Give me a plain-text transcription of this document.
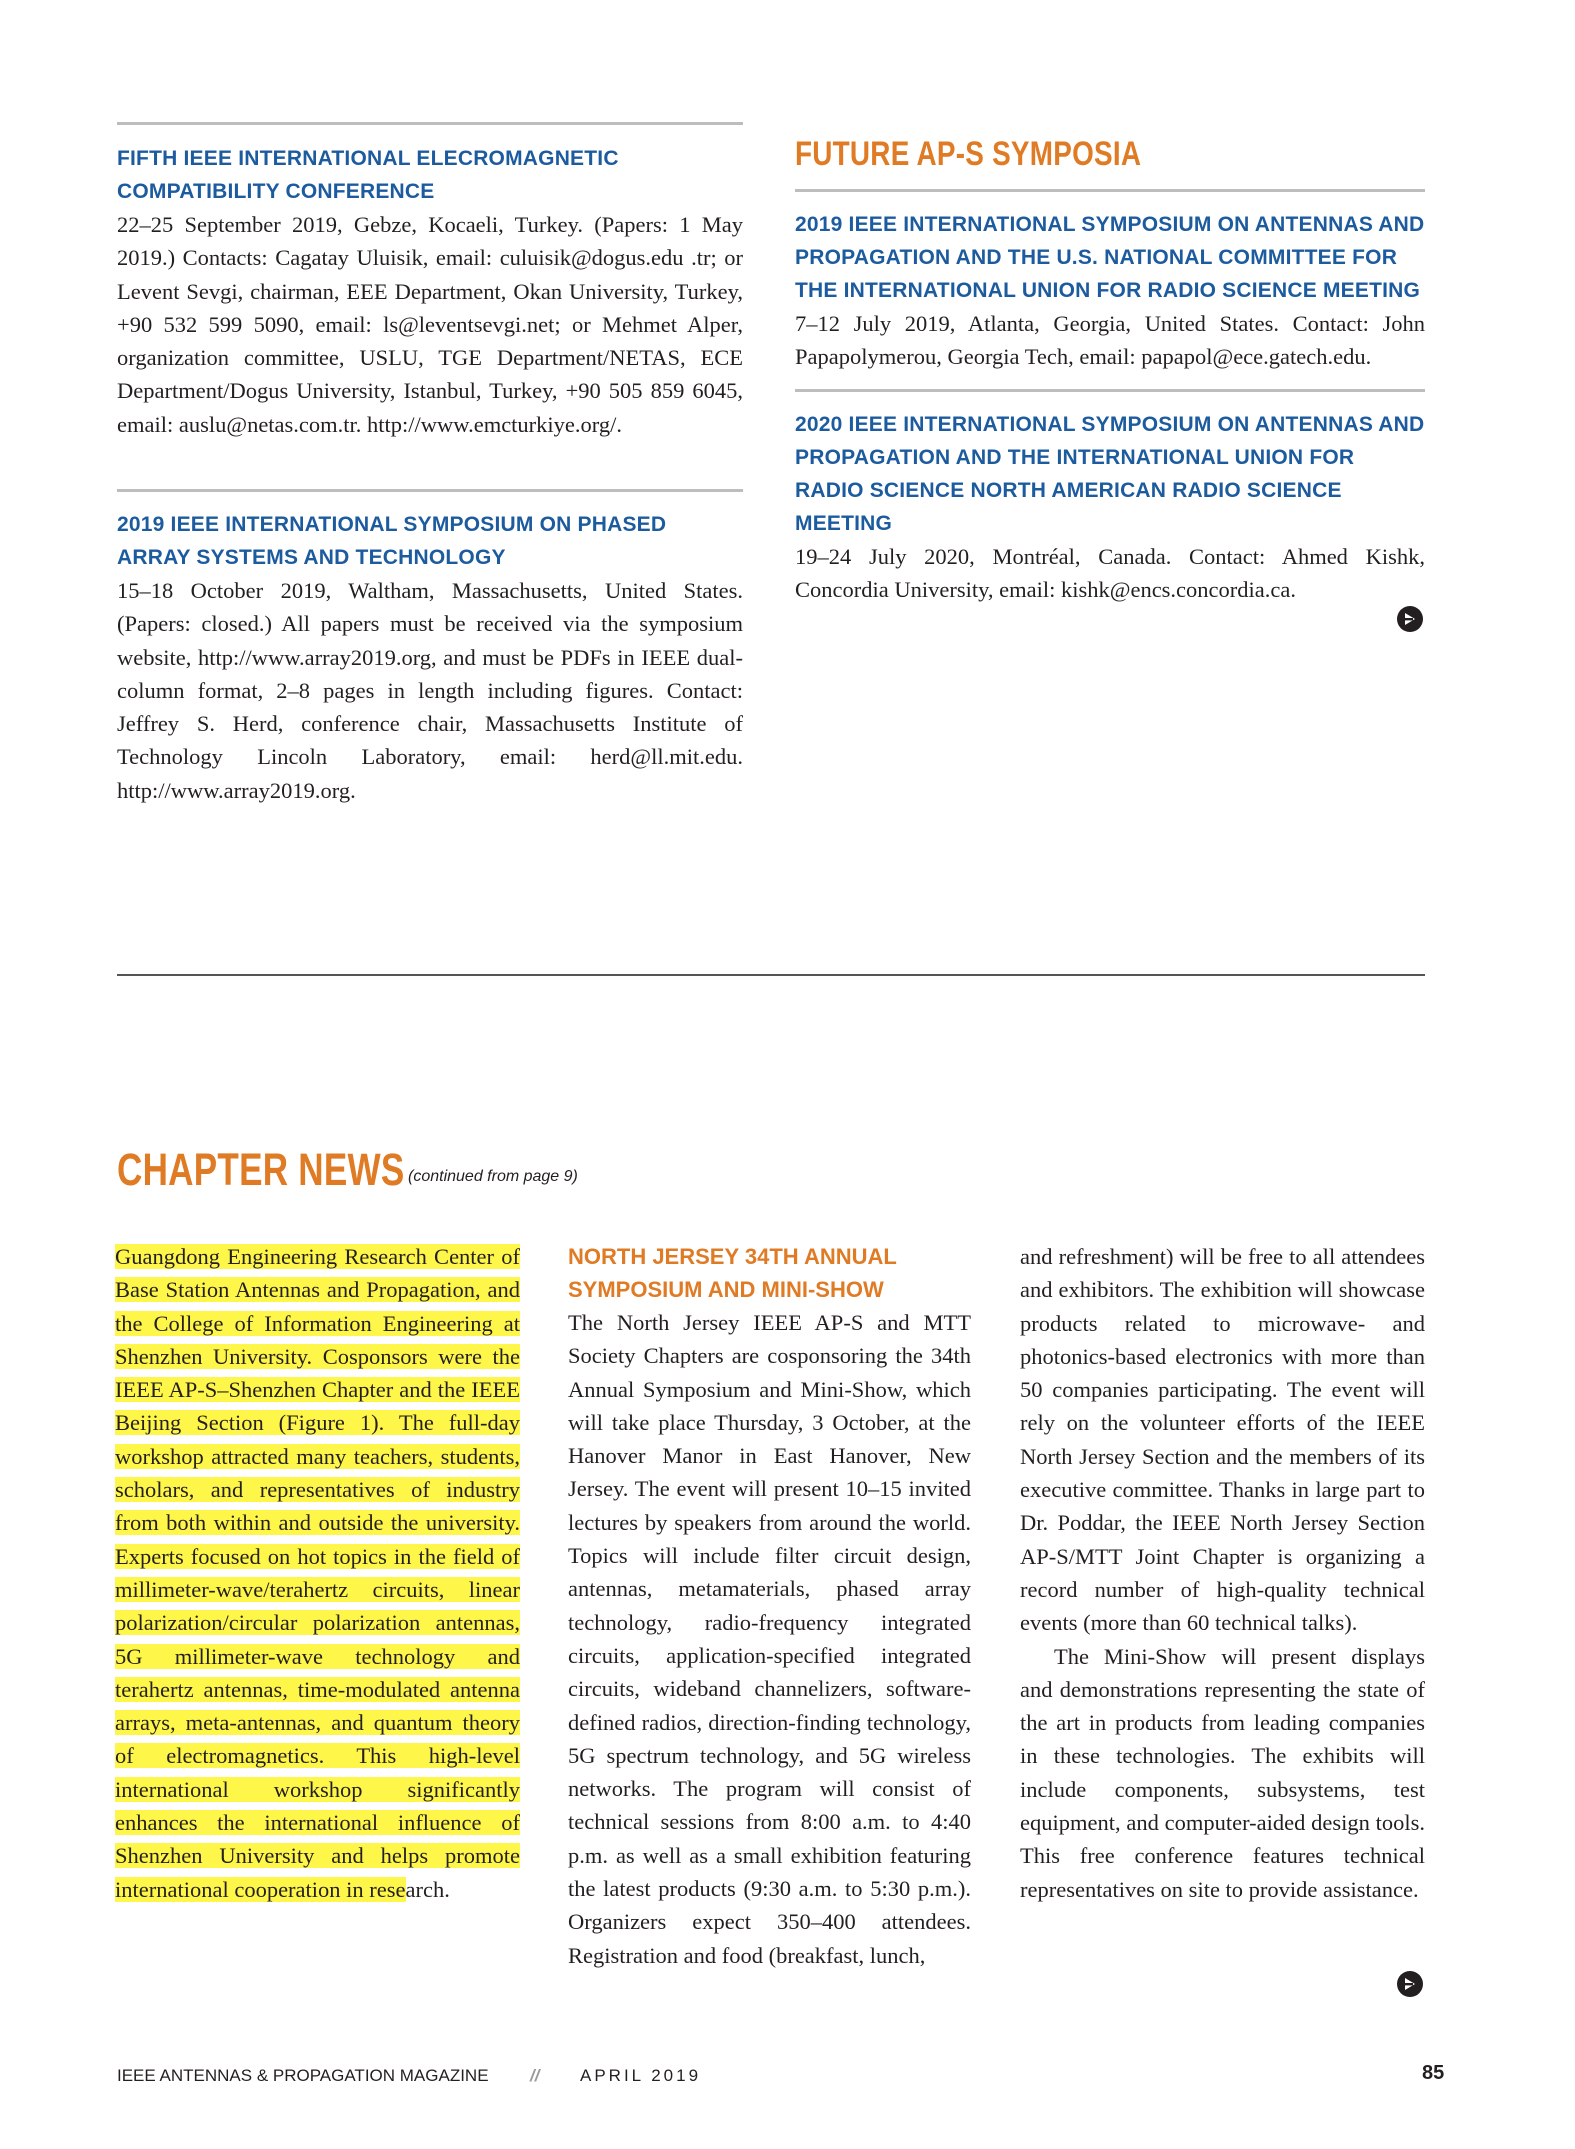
FIFTH IEEE INTERNATIONAL ELECROMAGNETIC COMPATIBILITY CONFERENCE

22–25 September 2019, Gebze, Kocaeli, Turkey. (Papers: 1 May 2019.) Contacts: Cagatay Uluisik, email: culuisik@dogus.edu .tr; or Levent Sevgi, chairman, EEE Department, Okan University, Turkey, +90 532 599 5090, email: ls@leventsevgi.net; or Mehmet Alper, organization committee, USLU, TGE Department/NETAS, ECE Department/Dogus University, Istanbul, Turkey, +90 505 859 6045, email: auslu@netas.com.tr. http://www.emcturkiye.org/.

2019 IEEE INTERNATIONAL SYMPOSIUM ON PHASED ARRAY SYSTEMS AND TECHNOLOGY

15–18 October 2019, Waltham, Massachusetts, United States. (Papers: closed.) All papers must be received via the symposium website, http://www.array2019.org, and must be PDFs in IEEE dual-column format, 2–8 pages in length including figures. Contact: Jeffrey S. Herd, conference chair, Massachusetts Institute of Technology Lincoln Laboratory, email: herd@ll.mit.edu. http://www.array2019.org.

FUTURE AP-S SYMPOSIA

2019 IEEE INTERNATIONAL SYMPOSIUM ON ANTENNAS AND PROPAGATION AND THE U.S. NATIONAL COMMITTEE FOR THE INTERNATIONAL UNION FOR RADIO SCIENCE MEETING

7–12 July 2019, Atlanta, Georgia, United States. Contact: John Papapolymerou, Georgia Tech, email: papapol@ece.gatech.edu.

2020 IEEE INTERNATIONAL SYMPOSIUM ON ANTENNAS AND PROPAGATION AND THE INTERNATIONAL UNION FOR RADIO SCIENCE NORTH AMERICAN RADIO SCIENCE MEETING

19–24 July 2020, Montréal, Canada. Contact: Ahmed Kishk, Concordia University, email: kishk@encs.concordia.ca.

CHAPTER NEWS (continued from page 9)

Guangdong Engineering Research Center of Base Station Antennas and Propagation, and the College of Information Engineering at Shenzhen University. Cosponsors were the IEEE AP-S–Shenzhen Chapter and the IEEE Beijing Section (Figure 1). The full-day workshop attracted many teachers, students, scholars, and representatives of industry from both within and outside the university. Experts focused on hot topics in the field of millimeter-wave/terahertz circuits, linear polarization/circular polarization antennas, 5G millimeter-wave technology and terahertz antennas, time-modulated antenna arrays, meta-antennas, and quantum theory of electromagnetics. This high-level international workshop significantly enhances the international influence of Shenzhen University and helps promote international cooperation in research.

NORTH JERSEY 34TH ANNUAL SYMPOSIUM AND MINI-SHOW

The North Jersey IEEE AP-S and MTT Society Chapters are cosponsoring the 34th Annual Symposium and Mini-Show, which will take place Thursday, 3 October, at the Hanover Manor in East Hanover, New Jersey. The event will present 10–15 invited lectures by speakers from around the world. Topics will include filter circuit design, antennas, metamaterials, phased array technology, radio-frequency integrated circuits, application-specified integrated circuits, wideband channelizers, software-defined radios, direction-finding technology, 5G spectrum technology, and 5G wireless networks. The program will consist of technical sessions from 8:00 a.m. to 4:40 p.m. as well as a small exhibition featuring the latest products (9:30 a.m. to 5:30 p.m.). Organizers expect 350–400 attendees. Registration and food (breakfast, lunch,

and refreshment) will be free to all attendees and exhibitors. The exhibition will showcase products related to microwave- and photonics-based electronics with more than 50 companies participating. The event will rely on the volunteer efforts of the IEEE North Jersey Section and the members of its executive committee. Thanks in large part to Dr. Poddar, the IEEE North Jersey Section AP-S/MTT Joint Chapter is organizing a record number of high-quality technical events (more than 60 technical talks).

The Mini-Show will present displays and demonstrations representing the state of the art in products from leading companies in these technologies. The exhibits will include components, subsystems, test equipment, and computer-aided design tools. This free conference features technical representatives on site to provide assistance.

IEEE ANTENNAS & PROPAGATION MAGAZINE // APRIL 2019	85
